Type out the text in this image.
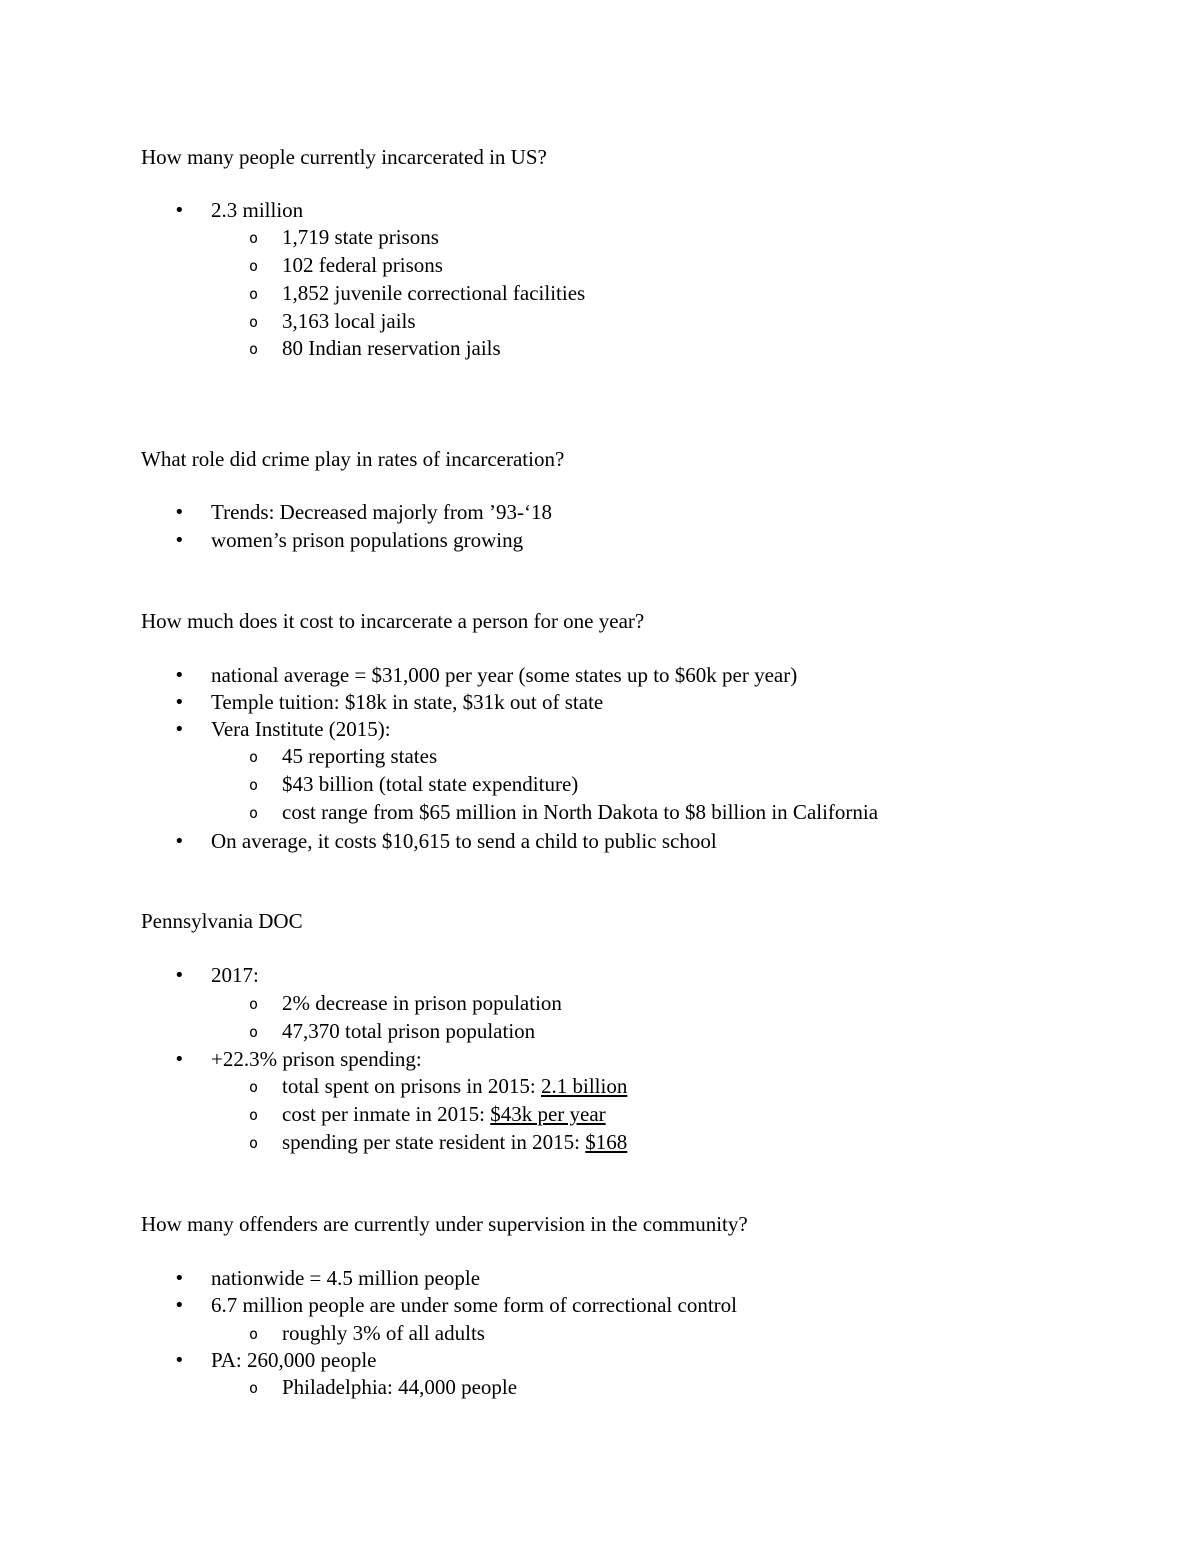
How many people currently incarcerated in US?

• 2.3 million
o 1,719 state prisons
o 102 federal prisons
o 1,852 juvenile correctional facilities
o 3,163 local jails
o 80 Indian reservation jails

What role did crime play in rates of incarceration?

• Trends: Decreased majorly from ’93-‘18
• women’s prison populations growing

How much does it cost to incarcerate a person for one year?

• national average = $31,000 per year (some states up to $60k per year)
• Temple tuition: $18k in state, $31k out of state
• Vera Institute (2015):
o 45 reporting states
o $43 billion (total state expenditure)
o cost range from $65 million in North Dakota to $8 billion in California
• On average, it costs $10,615 to send a child to public school

Pennsylvania DOC

• 2017:
o 2% decrease in prison population
o 47,370 total prison population
• +22.3% prison spending:
o total spent on prisons in 2015: 2.1 billion
o cost per inmate in 2015: $43k per year
o spending per state resident in 2015: $168

How many offenders are currently under supervision in the community?

• nationwide = 4.5 million people
• 6.7 million people are under some form of correctional control
o roughly 3% of all adults
• PA: 260,000 people
o Philadelphia: 44,000 people
